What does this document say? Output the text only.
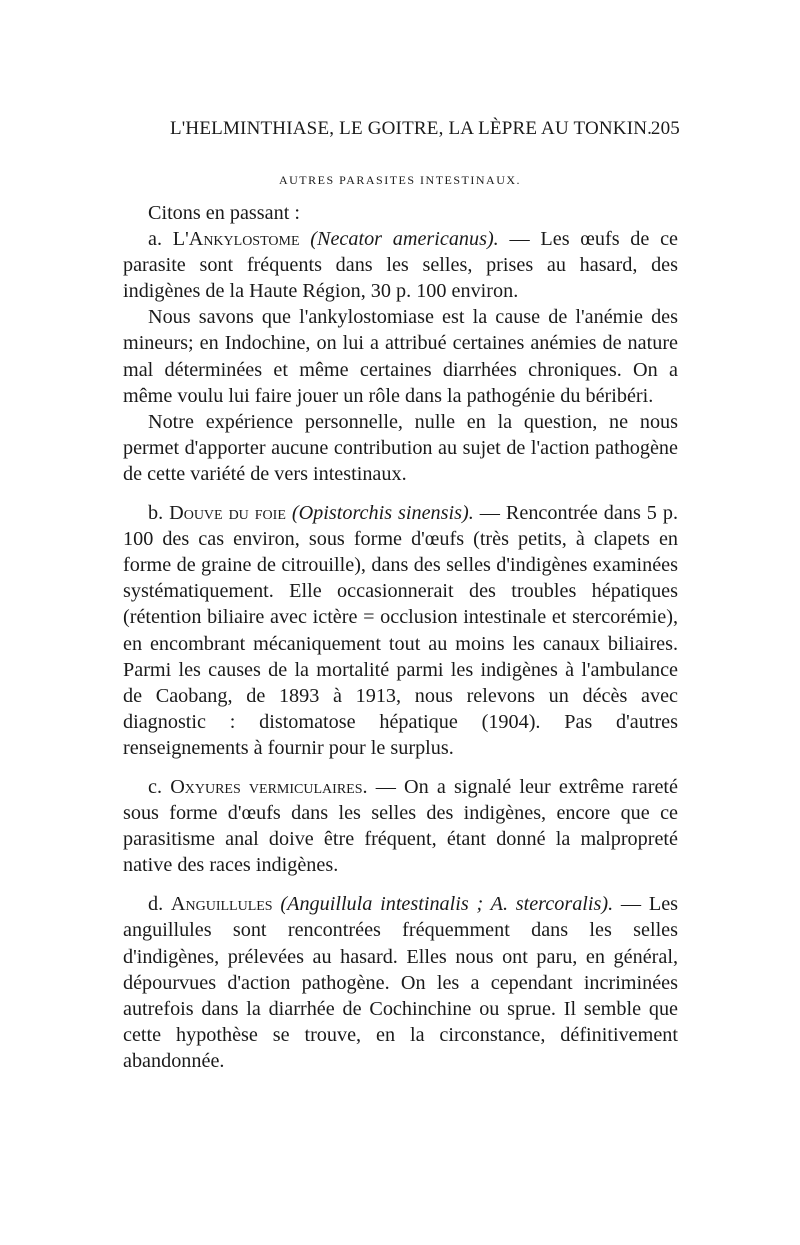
L'HELMINTHIASE, LE GOITRE, LA LÈPRE AU TONKIN.
205
AUTRES PARASITES INTESTINAUX.

Citons en passant :

a. L'Ankylostome (Necator americanus). — Les œufs de ce parasite sont fréquents dans les selles, prises au hasard, des indigènes de la Haute Région, 30 p. 100 environ.

Nous savons que l'ankylostomiase est la cause de l'anémie des mineurs; en Indochine, on lui a attribué certaines anémies de nature mal déterminées et même certaines diarrhées chroniques. On a même voulu lui faire jouer un rôle dans la pathogénie du béribéri.

Notre expérience personnelle, nulle en la question, ne nous permet d'apporter aucune contribution au sujet de l'action pathogène de cette variété de vers intestinaux.

b. Douve du foie (Opistorchis sinensis). — Rencontrée dans 5 p. 100 des cas environ, sous forme d'œufs (très petits, à clapets en forme de graine de citrouille), dans des selles d'indigènes examinées systématiquement. Elle occasionnerait des troubles hépatiques (rétention biliaire avec ictère = occlusion intestinale et stercorémie), en encombrant mécaniquement tout au moins les canaux biliaires. Parmi les causes de la mortalité parmi les indigènes à l'ambulance de Caobang, de 1893 à 1913, nous relevons un décès avec diagnostic : distomatose hépatique (1904). Pas d'autres renseignements à fournir pour le surplus.

c. Oxyures vermiculaires. — On a signalé leur extrême rareté sous forme d'œufs dans les selles des indigènes, encore que ce parasitisme anal doive être fréquent, étant donné la malpropreté native des races indigènes.

d. Anguillules (Anguillula intestinalis ; A. stercoralis). — Les anguillules sont rencontrées fréquemment dans les selles d'indigènes, prélevées au hasard. Elles nous ont paru, en général, dépourvues d'action pathogène. On les a cependant incriminées autrefois dans la diarrhée de Cochinchine ou sprue. Il semble que cette hypothèse se trouve, en la circonstance, définitivement abandonnée.
